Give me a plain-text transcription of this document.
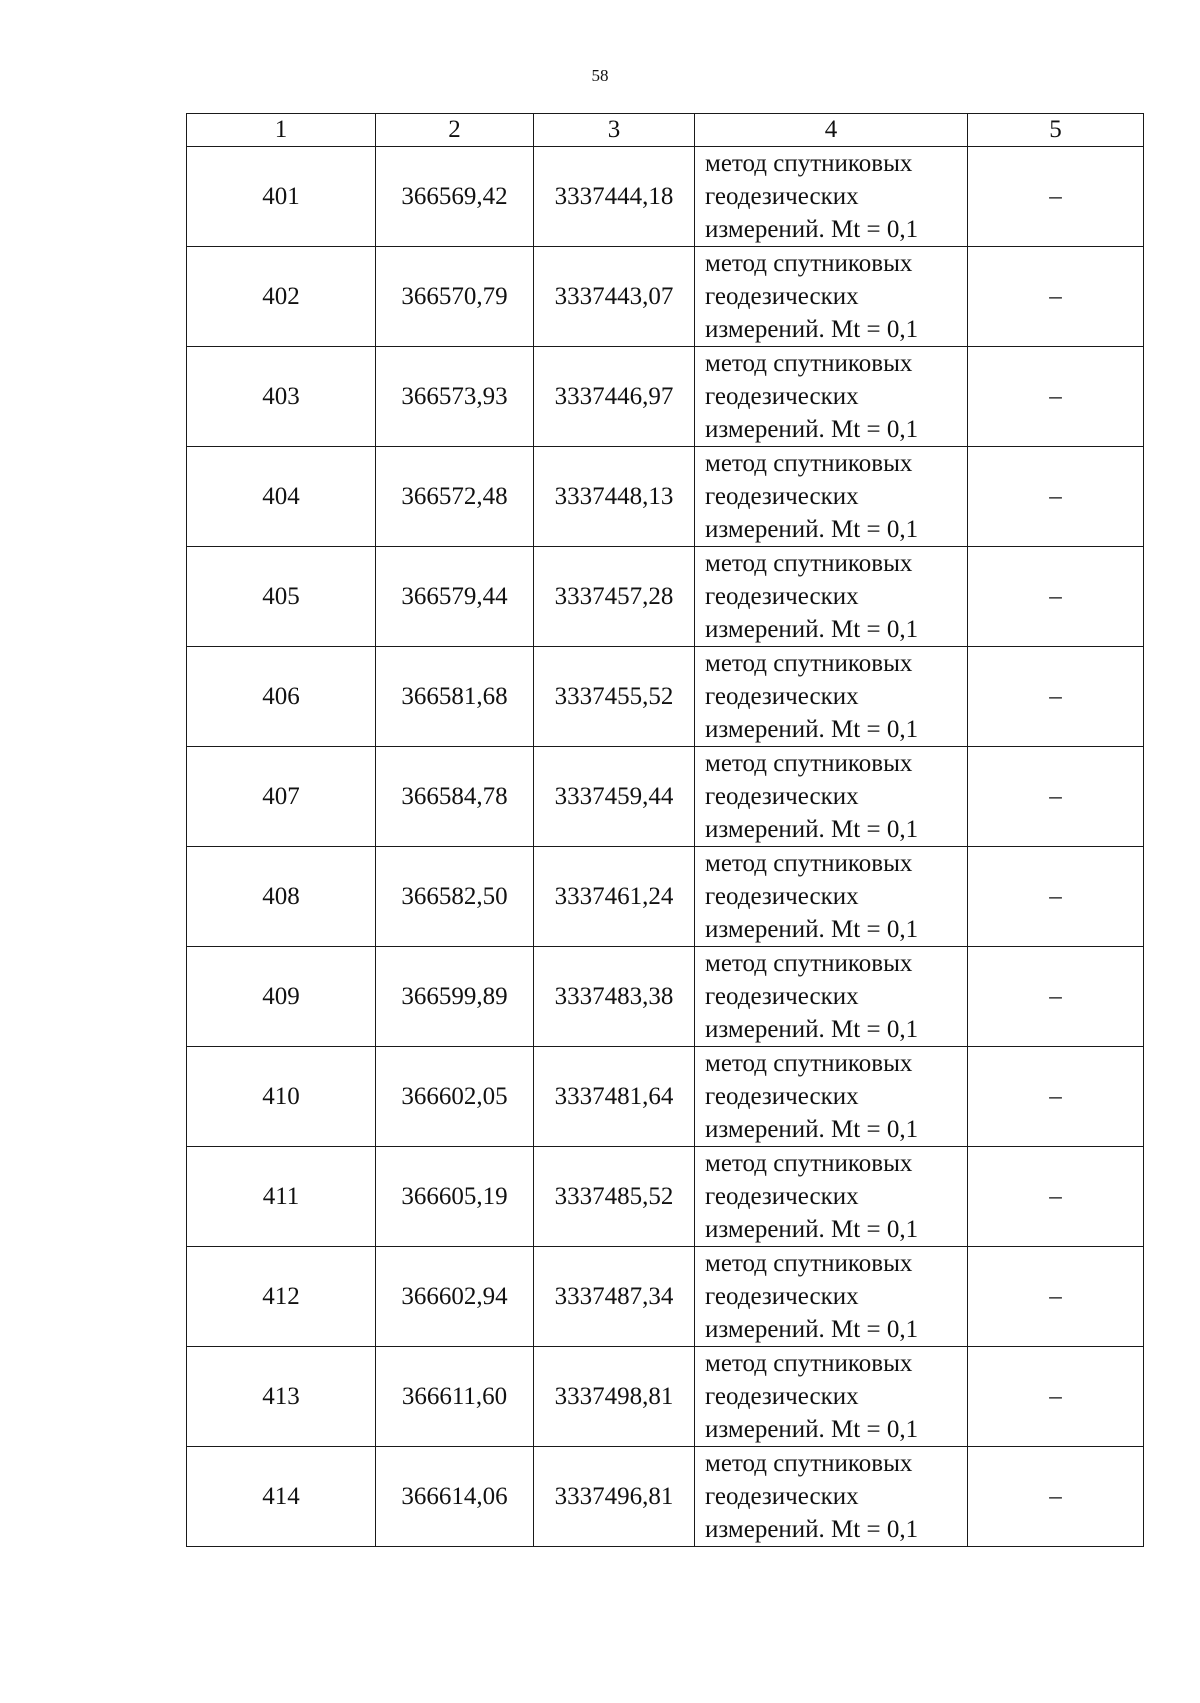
58
1	2	3	4	5
401	366569,42	3337444,18	метод спутниковых
геодезических
измерений. Mt = 0,1	–
402	366570,79	3337443,07	метод спутниковых
геодезических
измерений. Mt = 0,1	–
403	366573,93	3337446,97	метод спутниковых
геодезических
измерений. Mt = 0,1	–
404	366572,48	3337448,13	метод спутниковых
геодезических
измерений. Mt = 0,1	–
405	366579,44	3337457,28	метод спутниковых
геодезических
измерений. Mt = 0,1	–
406	366581,68	3337455,52	метод спутниковых
геодезических
измерений. Mt = 0,1	–
407	366584,78	3337459,44	метод спутниковых
геодезических
измерений. Mt = 0,1	–
408	366582,50	3337461,24	метод спутниковых
геодезических
измерений. Mt = 0,1	–
409	366599,89	3337483,38	метод спутниковых
геодезических
измерений. Mt = 0,1	–
410	366602,05	3337481,64	метод спутниковых
геодезических
измерений. Mt = 0,1	–
411	366605,19	3337485,52	метод спутниковых
геодезических
измерений. Mt = 0,1	–
412	366602,94	3337487,34	метод спутниковых
геодезических
измерений. Mt = 0,1	–
413	366611,60	3337498,81	метод спутниковых
геодезических
измерений. Mt = 0,1	–
414	366614,06	3337496,81	метод спутниковых
геодезических
измерений. Mt = 0,1	–
